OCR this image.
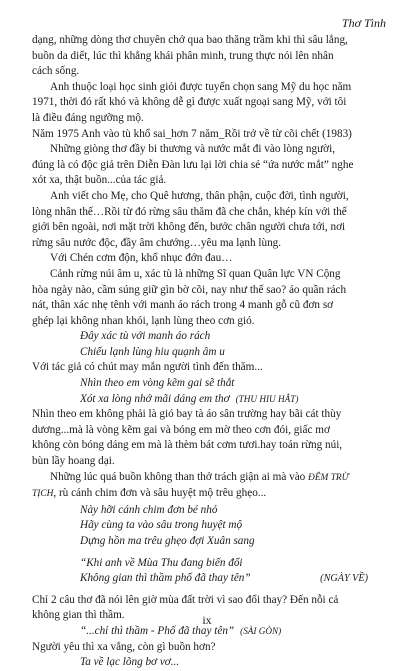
Thơ Tình

dạng, những dòng thơ chuyên chở qua bao thăng trầm khi thì sâu lắng,

buồn da diết, lúc thì khẳng khái phân minh, trung thực nói lên nhân

cách sống.

Anh thuộc loại học sinh giỏi được tuyển chọn sang Mỹ du học năm

1971, thời đó rất khó và không dễ gì được xuất ngoại sang Mỹ, với tôi

là điều đáng ngưỡng mộ.

Năm 1975 Anh vào tù khổ sai_hơn 7 năm_Rồi trở về từ cõi chết (1983)

Những giòng thơ đầy bi thương và nước mắt đi vào lòng người,

đúng là có độc giả trên Diễn Đàn lưu lại lời chia sẻ “ứa nước mắt” nghe

xót xa, thật buồn...của tác giả.

Anh viết cho Mẹ, cho Quê hương, thân phận, cuộc đời, tình người,

lòng nhân thế…Rồi từ đó rừng sâu thăm đã che chắn, khép kín với thế

giới bên ngoài, nơi mặt trời không đến, bước chân người chưa tới, nơi

rừng sâu nước độc, đầy âm chướng…yêu ma lạnh lùng.

Với Chén cơm độn, khổ nhục đớn đau…

Cảnh rừng núi âm u, xác tù là những Sĩ quan Quân lực VN Cộng

hòa ngày nào, cầm súng giữ gìn bờ cõi, nay như thế sao? áo quần rách

nát, thân xác nhẹ tênh với manh áo rách trong 4 manh gỗ cũ đơn sơ

ghép lại không nhan khói, lạnh lùng theo cơn gió.

Đây xác tù với manh áo rách

Chiếu lạnh lùng hiu quạnh âm u

Với tác giả có chút may mắn người tình đến thăm...

Nhìn theo em vòng kẽm gai sẽ thắt

Xót xa lòng nhớ mãi dáng em thơ (THU HIU HẮT)

Nhìn theo em không phải là gió bay tà áo sân trường hay bãi cát thùy

dương...mà là vòng kẽm gai và bóng em mờ theo cơn đói, giấc mơ

không còn bóng dáng em mà là thèm bát cơm tươi.hay toán rừng núi,

bùn lầy hoang dại.

Những lúc quá buồn không than thở trách giận ai mà vào ĐÊM TRỪ

TỊCH, rù cánh chim đơn và sâu huyệt mộ trêu ghẹo...

Này hỡi cánh chim đơn bé nhỏ

Hãy cùng ta vào sâu trong huyệt mộ

Dựng hồn ma trêu ghẹo đợi Xuân sang

“Khi anh về Mùa Thu đang biến đổi

Không gian thì thầm phố đã thay tên”	(NGÀY VỀ)

Chỉ 2 câu thơ đã nói lên giờ mùa đất trời vì sao đổi thay? Đến nỗi cả

không gian thì thầm.

“...chỉ thì thầm - Phố đã thay tên” (SÀI GÒN)

Người yêu thì xa vắng, còn gì buồn hơn?

Ta về lạc lõng bơ vơ...

ix
